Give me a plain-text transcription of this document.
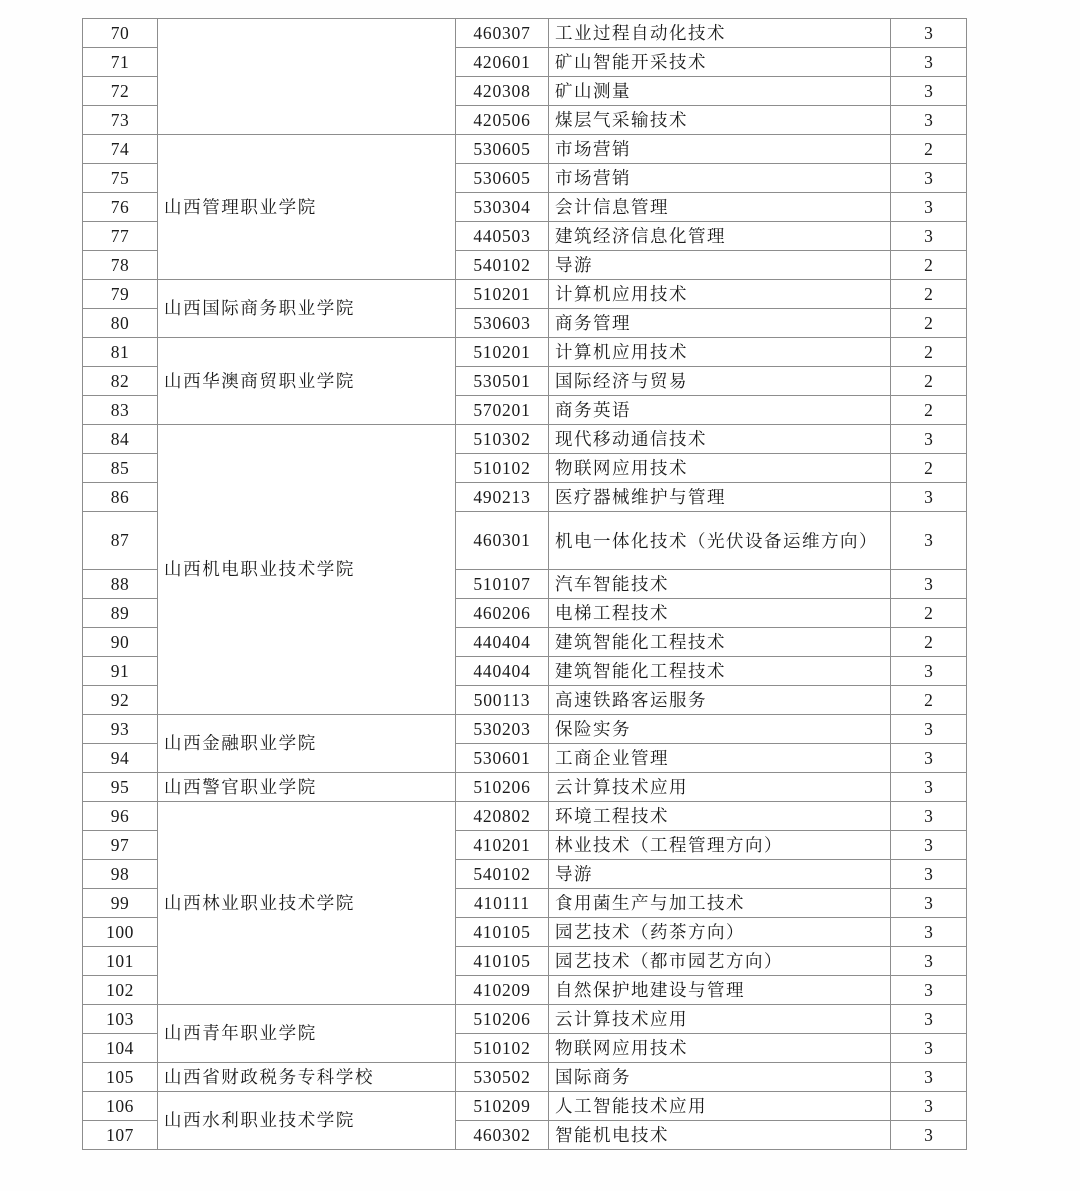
70		460307	工业过程自动化技术	3
71		420601	矿山智能开采技术	3
72		420308	矿山测量	3
73		420506	煤层气采输技术	3
74	山西管理职业学院	530605	市场营销	2
75		530605	市场营销	3
76		530304	会计信息管理	3
77		440503	建筑经济信息化管理	3
78		540102	导游	2
79	山西国际商务职业学院	510201	计算机应用技术	2
80		530603	商务管理	2
81	山西华澳商贸职业学院	510201	计算机应用技术	2
82		530501	国际经济与贸易	2
83		570201	商务英语	2
84	山西机电职业技术学院	510302	现代移动通信技术	3
85		510102	物联网应用技术	2
86		490213	医疗器械维护与管理	3
87		460301	机电一体化技术（光伏设备运维方向）	3
88		510107	汽车智能技术	3
89		460206	电梯工程技术	2
90		440404	建筑智能化工程技术	2
91		440404	建筑智能化工程技术	3
92		500113	高速铁路客运服务	2
93	山西金融职业学院	530203	保险实务	3
94		530601	工商企业管理	3
95	山西警官职业学院	510206	云计算技术应用	3
96	山西林业职业技术学院	420802	环境工程技术	3
97		410201	林业技术（工程管理方向）	3
98		540102	导游	3
99		410111	食用菌生产与加工技术	3
100		410105	园艺技术（药茶方向）	3
101		410105	园艺技术（都市园艺方向）	3
102		410209	自然保护地建设与管理	3
103	山西青年职业学院	510206	云计算技术应用	3
104		510102	物联网应用技术	3
105	山西省财政税务专科学校	530502	国际商务	3
106	山西水利职业技术学院	510209	人工智能技术应用	3
107		460302	智能机电技术	3
